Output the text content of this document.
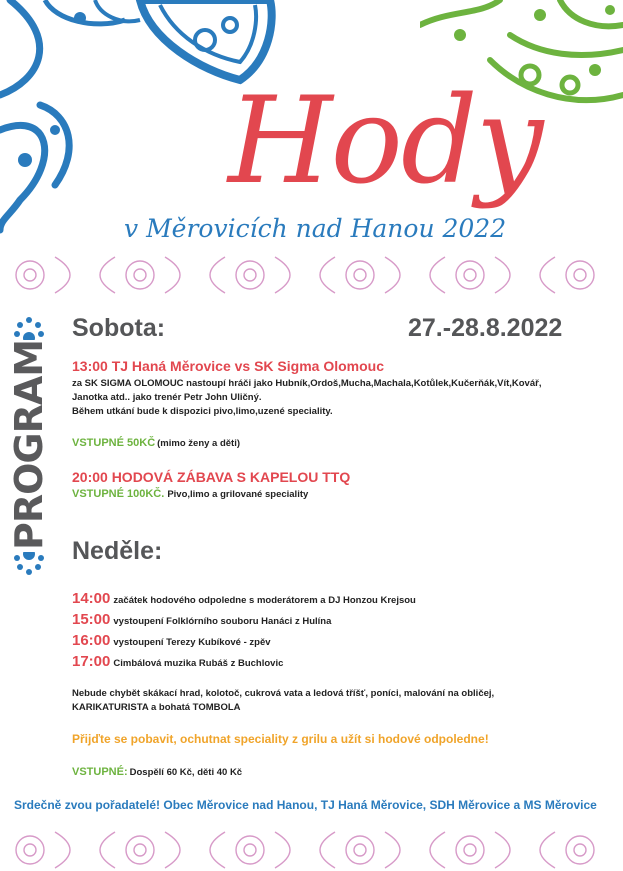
Hody
v Měrovicích nad Hanou 2022
PROGRAM
Sobota:	27.-28.8.2022
13:00 TJ Haná Měrovice vs SK Sigma Olomouc
za SK SIGMA OLOMOUC nastoupí hráči jako Hubník,Ordoš,Mucha,Machala,Kotůlek,Kučerňák,Vít,Kovář,
Janotka atd.. jako trenér Petr John Uličný.
Během utkání bude k dispozici pivo,limo,uzené speciality.
VSTUPNÉ 50KČ (mimo ženy a děti)
20:00 HODOVÁ ZÁBAVA S KAPELOU TTQ
VSTUPNÉ 100KČ. Pivo,limo a grilované speciality
Neděle:
14:00 začátek hodového odpoledne s moderátorem a DJ Honzou Krejsou
15:00 vystoupení Folklórního souboru Hanáci z Hulína
16:00 vystoupení Terezy Kubíkové - zpěv
17:00 Cimbálová muzika Rubáš z Buchlovic
Nebude chybět skákací hrad, kolotoč, cukrová vata a ledová tříšť, poníci, malování na obličej,
KARIKATURISTA a bohatá TOMBOLA
Přijďte se pobavit, ochutnat speciality z grilu a užít si hodové odpoledne!
VSTUPNÉ: Dospělí 60 Kč, děti 40 Kč
Srdečně zvou pořadatelé! Obec Měrovice nad Hanou, TJ Haná Měrovice, SDH Měrovice a MS Měrovice
